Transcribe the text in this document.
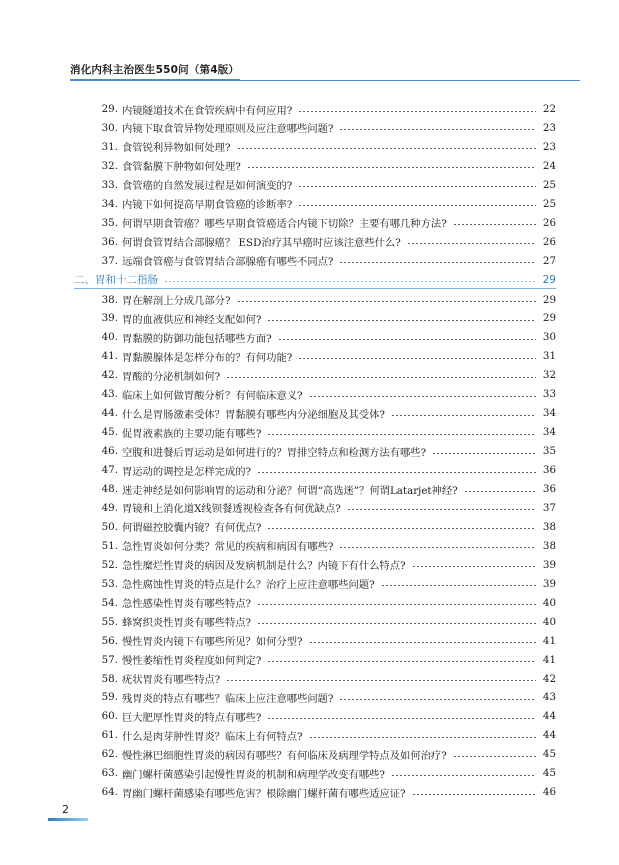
消化内科主治医生550问（第4版）
29. 内镜隧道技术在食管疾病中有何应用?	22
30. 内镜下取食管异物处理原则及应注意哪些问题?	23
31. 食管锐利异物如何处理?	23
32. 食管黏膜下肿物如何处理?	24
33. 食管癌的自然发展过程是如何演变的?	25
34. 内镜下如何提高早期食管癌的诊断率?	25
35. 何谓早期食管癌？哪些早期食管癌适合内镜下切除？主要有哪几种方法?	26
36. 何谓食管胃结合部腺癌？ ESD治疗其早癌时应该注意些什么?	26
37. 远端食管癌与食管胃结合部腺癌有哪些不同点?	27
二、胃和十二指肠	29
38. 胃在解剖上分成几部分?	29
39. 胃的血液供应和神经支配如何?	29
40. 胃黏膜的防御功能包括哪些方面?	30
41. 胃黏膜腺体是怎样分布的？有何功能?	31
42. 胃酸的分泌机制如何?	32
43. 临床上如何做胃酸分析？有何临床意义?	33
44. 什么是胃肠激素受体？胃黏膜有哪些内分泌细胞及其受体?	34
45. 促胃液素族的主要功能有哪些?	34
46. 空腹和进餐后胃运动是如何进行的？胃排空特点和检测方法有哪些?	35
47. 胃运动的调控是怎样完成的?	36
48. 迷走神经是如何影响胃的运动和分泌？何谓“高选迷”？何谓Latarjet神经?	36
49. 胃镜和上消化道X线钡餐透视检查各有何优缺点?	37
50. 何谓磁控胶囊内镜？有何优点?	38
51. 急性胃炎如何分类？常见的疾病和病因有哪些?	38
52. 急性糜烂性胃炎的病因及发病机制是什么？内镜下有什么特点?	39
53. 急性腐蚀性胃炎的特点是什么？治疗上应注意哪些问题?	39
54. 急性感染性胃炎有哪些特点?	40
55. 蜂窝织炎性胃炎有哪些特点?	40
56. 慢性胃炎内镜下有哪些所见？如何分型?	41
57. 慢性萎缩性胃炎程度如何判定?	41
58. 疣状胃炎有哪些特点?	42
59. 残胃炎的特点有哪些？临床上应注意哪些问题?	43
60. 巨大肥厚性胃炎的特点有哪些?	44
61. 什么是肉芽肿性胃炎？临床上有何特点?	44
62. 慢性淋巴细胞性胃炎的病因有哪些？有何临床及病理学特点及如何治疗?	45
63. 幽门螺杆菌感染引起慢性胃炎的机制和病理学改变有哪些?	45
64. 胃幽门螺杆菌感染有哪些危害？根除幽门螺杆菌有哪些适应证?	46
2
